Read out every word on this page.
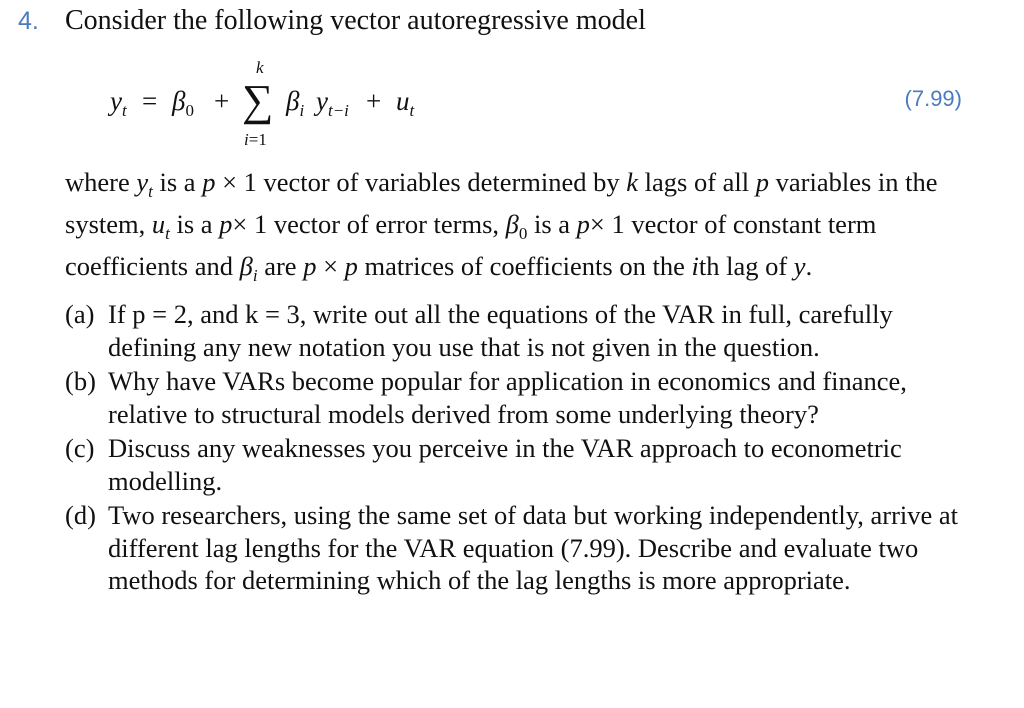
4. Consider the following vector autoregressive model
$y_t = \beta_0$ + ∑
k
i=1
$\beta_i$ $y_{t-i} + u_t$	(7.99)

where $y_t$ is a p × 1 vector of variables determined by k lags of all p variables in the system, $u_t$ is a p× 1 vector of error terms, $\beta_0$ is a p× 1 vector of constant term coefficients and $\beta_i$ are p × p matrices of coefficients on the ith lag of y.

(a) If p = 2, and k = 3, write out all the equations of the VAR in full, carefully defining any new notation you use that is not given in the question.
(b) Why have VARs become popular for application in economics and finance, relative to structural models derived from some underlying theory?
(c) Discuss any weaknesses you perceive in the VAR approach to econometric modelling.
(d) Two researchers, using the same set of data but working independently, arrive at different lag lengths for the VAR equation (7.99). Describe and evaluate two methods for determining which of the lag lengths is more appropriate.
